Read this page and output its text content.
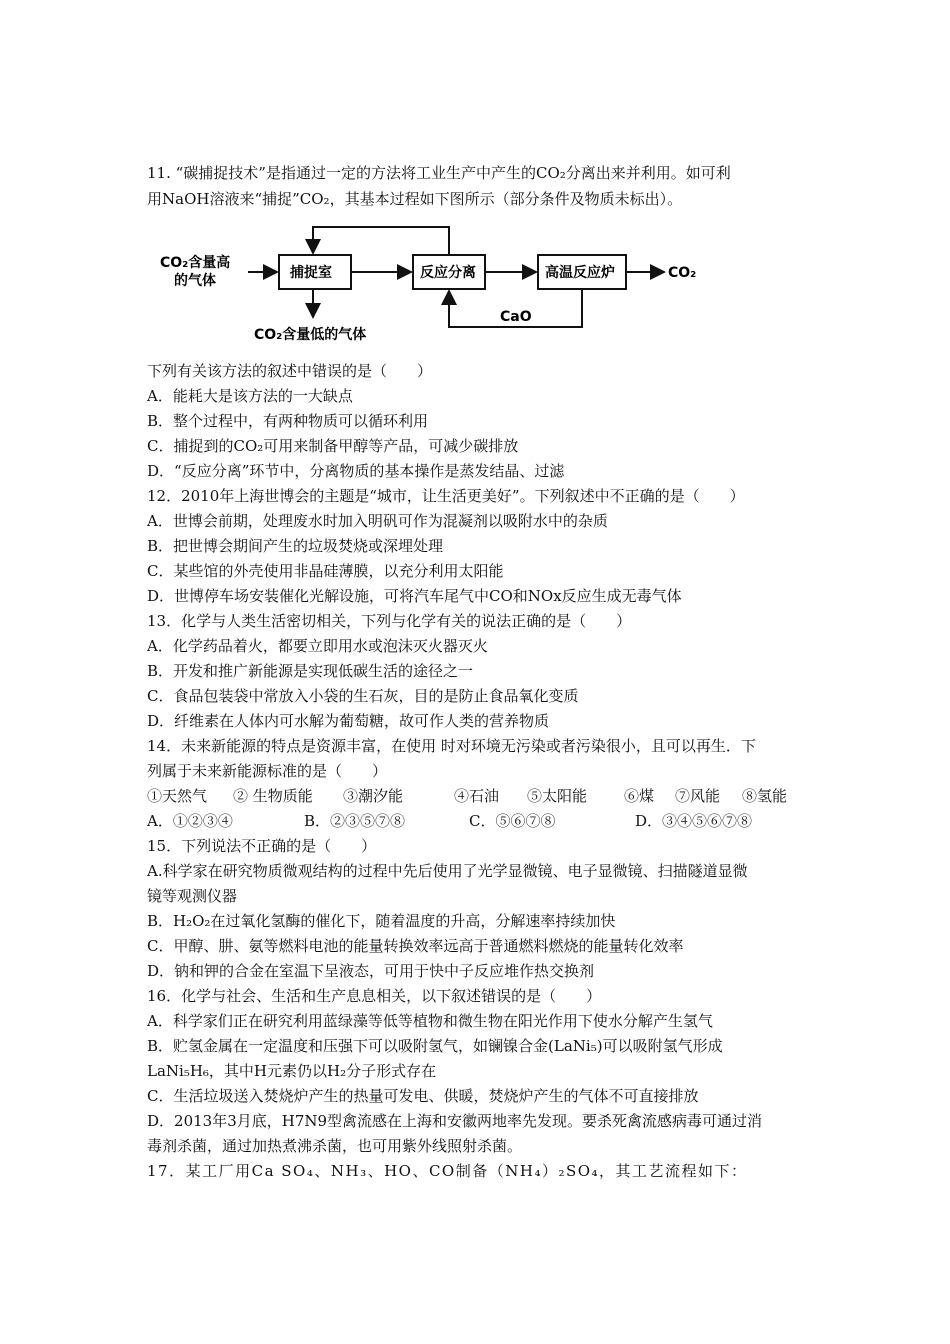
11. “碳捕捉技术”是指通过一定的方法将工业生产中产生的CO₂分离出来并利用。如可利
用NaOH溶液来“捕捉”CO₂，其基本过程如下图所示（部分条件及物质未标出）。
CO₂含量高
的气体	捕捉室	反应分离	高温反应炉	CO₂
CO₂含量低的气体
CaO
下列有关该方法的叙述中错误的是（　　）
A．能耗大是该方法的一大缺点
B．整个过程中，有两种物质可以循环利用
C．捕捉到的CO₂可用来制备甲醇等产品，可减少碳排放
D．“反应分离”环节中，分离物质的基本操作是蒸发结晶、过滤
12．2010年上海世博会的主题是“城市，让生活更美好”。下列叙述中不正确的是（　　）
A．世博会前期，处理废水时加入明矾可作为混凝剂以吸附水中的杂质
B．把世博会期间产生的垃圾焚烧或深埋处理
C．某些馆的外壳使用非晶硅薄膜，以充分利用太阳能
D．世博停车场安装催化光解设施，可将汽车尾气中CO和NOx反应生成无毒气体
13．化学与人类生活密切相关，下列与化学有关的说法正确的是（　　）
A．化学药品着火，都要立即用水或泡沫灭火器灭火
B．开发和推广新能源是实现低碳生活的途径之一
C．食品包装袋中常放入小袋的生石灰，目的是防止食品氧化变质
D．纤维素在人体内可水解为葡萄糖，故可作人类的营养物质
14．未来新能源的特点是资源丰富，在使用 时对环境无污染或者污染很小，且可以再生．下
列属于未来新能源标准的是（　　）
①天然气 ② 生物质能 ③潮汐能	④石油 ⑤太阳能 ⑥煤 ⑦风能 ⑧氢能
A．①②③④	B．②③⑤⑦⑧	C．⑤⑥⑦⑧	D．③④⑤⑥⑦⑧
15．下列说法不正确的是（　　）
A.科学家在研究物质微观结构的过程中先后使用了光学显微镜、电子显微镜、扫描隧道显微
镜等观测仪器
B．H₂O₂在过氧化氢酶的催化下，随着温度的升高，分解速率持续加快
C．甲醇、肼、氨等燃料电池的能量转换效率远高于普通燃料燃烧的能量转化效率
D．钠和钾的合金在室温下呈液态，可用于快中子反应堆作热交换剂
16．化学与社会、生活和生产息息相关，以下叙述错误的是（　　）
A．科学家们正在研究利用蓝绿藻等低等植物和微生物在阳光作用下使水分解产生氢气
B．贮氢金属在一定温度和压强下可以吸附氢气，如镧镍合金(LaNi₅)可以吸附氢气形成
LaNi₅H₆，其中H元素仍以H₂分子形式存在
C．生活垃圾送入焚烧炉产生的热量可发电、供暖，焚烧炉产生的气体不可直接排放
D．2013年3月底，H7N9型禽流感在上海和安徽两地率先发现。要杀死禽流感病毒可通过消
毒剂杀菌，通过加热煮沸杀菌，也可用紫外线照射杀菌。
17．某工厂用Ca SO₄、NH₃、HO、CO制备（NH₄）₂SO₄，其工艺流程如下：
